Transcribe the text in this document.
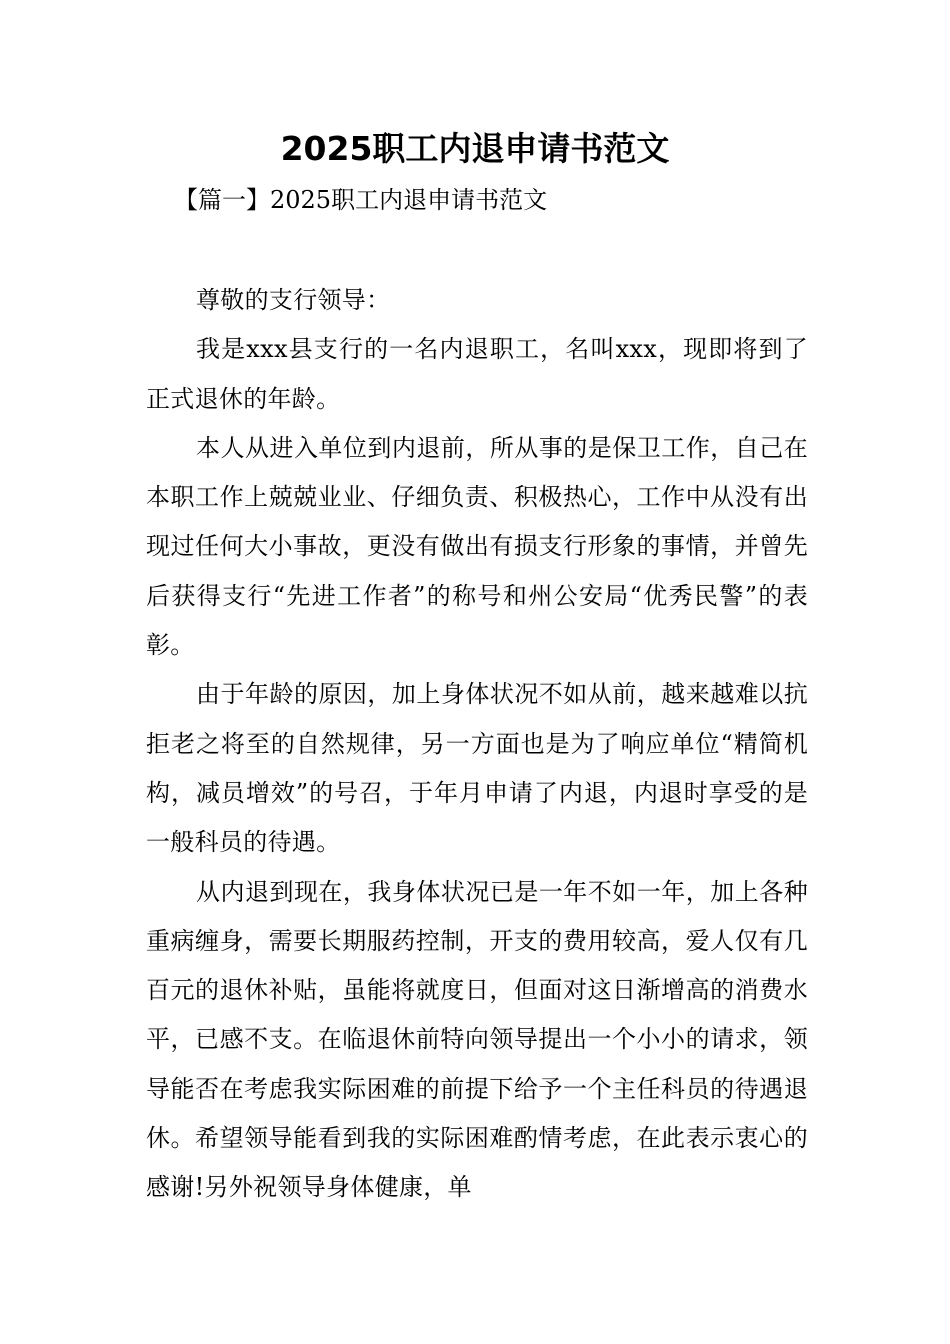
2025职工内退申请书范文
【篇一】2025职工内退申请书范文

尊敬的支行领导：

我是xxx县支行的一名内退职工，名叫xxx，现即将到了正式退休的年龄。

本人从进入单位到内退前，所从事的是保卫工作，自己在本职工作上兢兢业业、仔细负责、积极热心，工作中从没有出现过任何大小事故，更没有做出有损支行形象的事情，并曾先后获得支行“先进工作者”的称号和州公安局“优秀民警”的表彰。

由于年龄的原因，加上身体状况不如从前，越来越难以抗拒老之将至的自然规律，另一方面也是为了响应单位“精简机构，减员增效”的号召，于年月申请了内退，内退时享受的是一般科员的待遇。

从内退到现在，我身体状况已是一年不如一年，加上各种重病缠身，需要长期服药控制，开支的费用较高，爱人仅有几百元的退休补贴，虽能将就度日，但面对这日渐增高的消费水平，已感不支。在临退休前特向领导提出一个小小的请求，领导能否在考虑我实际困难的前提下给予一个主任科员的待遇退休。希望领导能看到我的实际困难酌情考虑，在此表示衷心的感谢!另外祝领导身体健康，单
